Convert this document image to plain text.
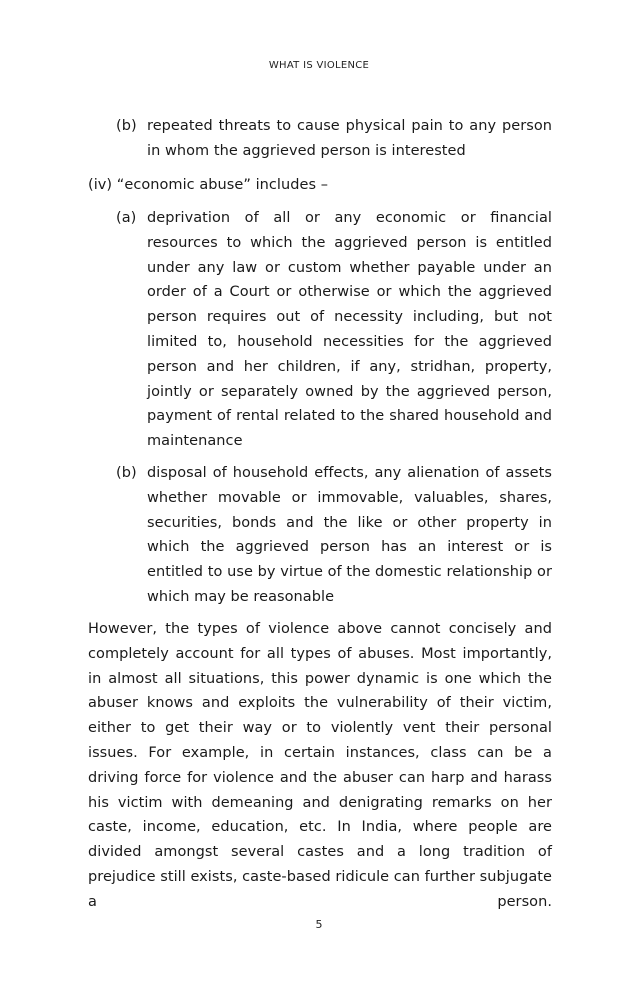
WHAT IS VIOLENCE
(b) repeated threats to cause physical pain to any person in whom the aggrieved person is interested
(iv) “economic abuse” includes –
(a) deprivation of all or any economic or ﬁnancial resources to which the aggrieved person is entitled under any law or custom whether payable under an order of a Court or otherwise or which the aggrieved person requires out of necessity including, but not limited to, household necessities for the aggrieved person and her children, if any, stridhan, property, jointly or separately owned by the aggrieved person, payment of rental related to the shared household and maintenance
(b) disposal of household effects, any alienation of assets whether movable or immovable, valuables, shares, securities, bonds and the like or other property in which the aggrieved person has an interest or is entitled to use by virtue of the domestic relationship or which may be reasonable
However, the types of violence above cannot concisely and completely account for all types of abuses. Most importantly, in almost all situations, this power dynamic is one which the abuser knows and exploits the vulnerability of their victim, either to get their way or to violently vent their personal issues. For example, in certain instances, class can be a driving force for violence and the abuser can harp and harass his victim with demeaning and denigrating remarks on her caste, income, education, etc. In India, where people are divided amongst several castes and a long tradition of prejudice still exists, caste-based ridicule can further subjugate a person.
5
